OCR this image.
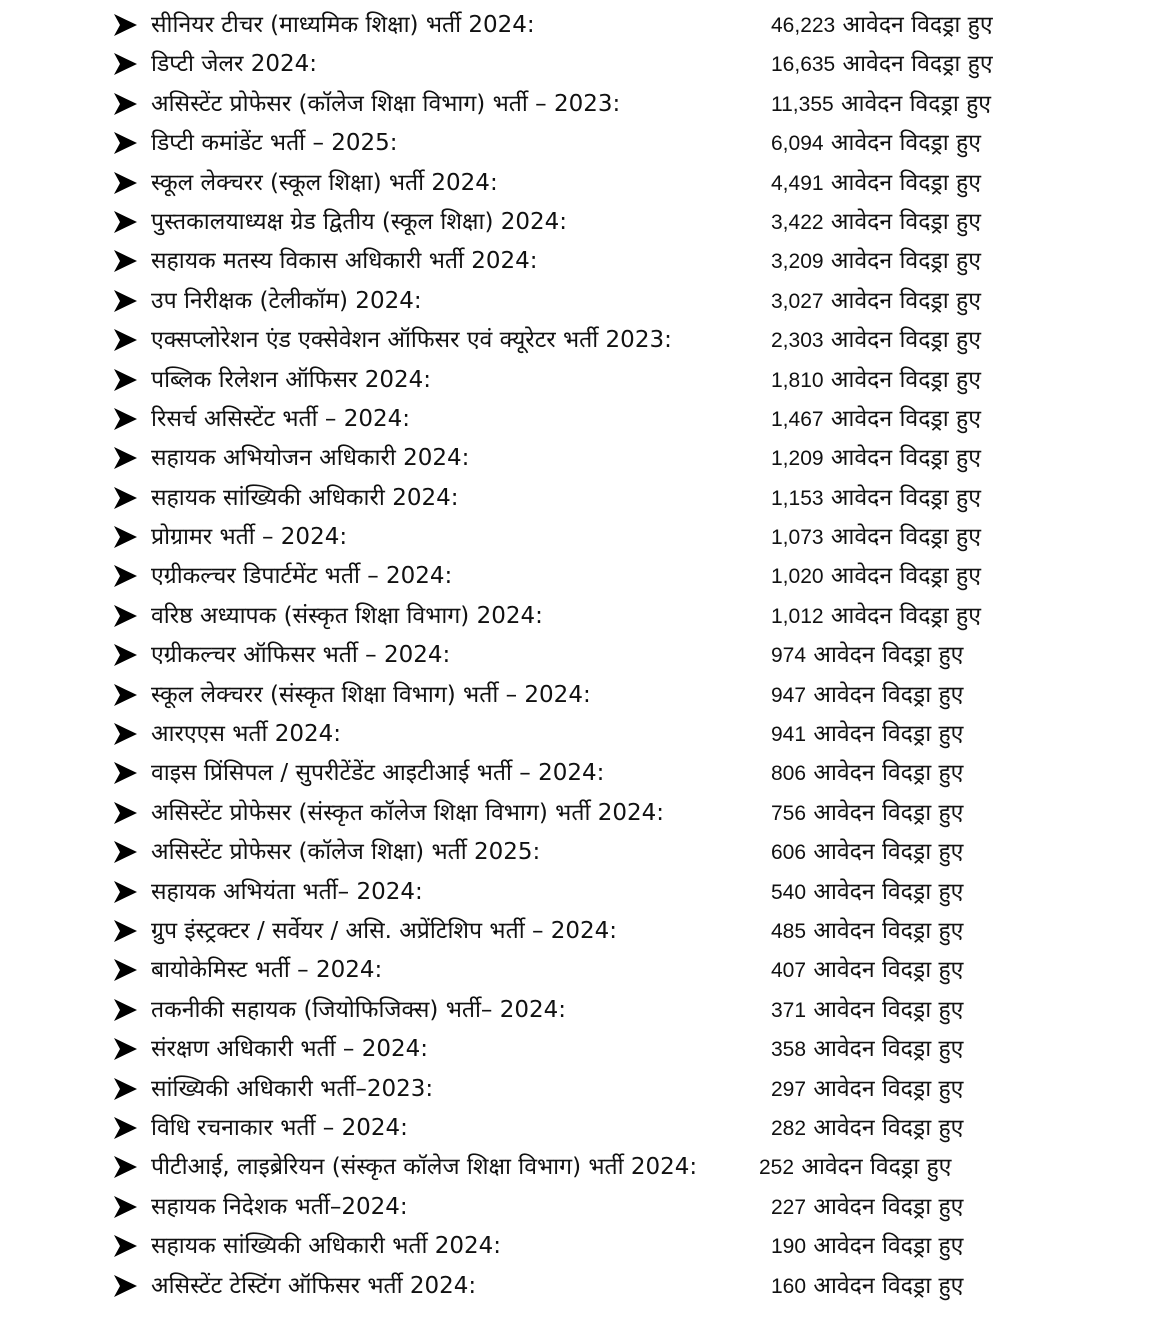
सीनियर टीचर (माध्यमिक शिक्षा) भर्ती 2024:	46,223 आवेदन विदड्रा हुए
डिप्टी जेलर 2024:	16,635 आवेदन विदड्रा हुए
असिस्टेंट प्रोफेसर (कॉलेज शिक्षा विभाग) भर्ती – 2023:	11,355 आवेदन विदड्रा हुए
डिप्टी कमांडेंट भर्ती – 2025:	6,094 आवेदन विदड्रा हुए
स्कूल लेक्चरर (स्कूल शिक्षा) भर्ती 2024:	4,491 आवेदन विदड्रा हुए
पुस्तकालयाध्यक्ष ग्रेड द्वितीय (स्कूल शिक्षा) 2024:	3,422 आवेदन विदड्रा हुए
सहायक मतस्य विकास अधिकारी भर्ती 2024:	3,209 आवेदन विदड्रा हुए
उप निरीक्षक (टेलीकॉम) 2024:	3,027 आवेदन विदड्रा हुए
एक्सप्लोरेशन एंड एक्सेवेशन ऑफिसर एवं क्यूरेटर भर्ती 2023:	2,303 आवेदन विदड्रा हुए
पब्लिक रिलेशन ऑफिसर 2024:	1,810 आवेदन विदड्रा हुए
रिसर्च असिस्टेंट भर्ती – 2024:	1,467 आवेदन विदड्रा हुए
सहायक अभियोजन अधिकारी 2024:	1,209 आवेदन विदड्रा हुए
सहायक सांख्यिकी अधिकारी 2024:	1,153 आवेदन विदड्रा हुए
प्रोग्रामर भर्ती – 2024:	1,073 आवेदन विदड्रा हुए
एग्रीकल्चर डिपार्टमेंट भर्ती – 2024:	1,020 आवेदन विदड्रा हुए
वरिष्ठ अध्यापक (संस्कृत शिक्षा विभाग) 2024:	1,012 आवेदन विदड्रा हुए
एग्रीकल्चर ऑफिसर भर्ती – 2024:	974 आवेदन विदड्रा हुए
स्कूल लेक्चरर (संस्कृत शिक्षा विभाग) भर्ती – 2024:	947 आवेदन विदड्रा हुए
आरएएस भर्ती 2024:	941 आवेदन विदड्रा हुए
वाइस प्रिंसिपल / सुपरीटेंडेंट आइटीआई भर्ती – 2024:	806 आवेदन विदड्रा हुए
असिस्टेंट प्रोफेसर (संस्कृत कॉलेज शिक्षा विभाग) भर्ती 2024:	756 आवेदन विदड्रा हुए
असिस्टेंट प्रोफेसर (कॉलेज शिक्षा) भर्ती 2025:	606 आवेदन विदड्रा हुए
सहायक अभियंता भर्ती– 2024:	540 आवेदन विदड्रा हुए
ग्रुप इंस्ट्रक्टर / सर्वेयर / असि. अप्रेंटिशिप भर्ती – 2024:	485 आवेदन विदड्रा हुए
बायोकेमिस्ट भर्ती – 2024:	407 आवेदन विदड्रा हुए
तकनीकी सहायक (जियोफिजिक्स) भर्ती– 2024:	371 आवेदन विदड्रा हुए
संरक्षण अधिकारी भर्ती – 2024:	358 आवेदन विदड्रा हुए
सांख्यिकी अधिकारी भर्ती–2023:	297 आवेदन विदड्रा हुए
विधि रचनाकार भर्ती – 2024:	282 आवेदन विदड्रा हुए
पीटीआई, लाइब्रेरियन (संस्कृत कॉलेज शिक्षा विभाग) भर्ती 2024:	252 आवेदन विदड्रा हुए
सहायक निदेशक भर्ती–2024:	227 आवेदन विदड्रा हुए
सहायक सांख्यिकी अधिकारी भर्ती 2024:	190 आवेदन विदड्रा हुए
असिस्टेंट टेस्टिंग ऑफिसर भर्ती 2024:	160 आवेदन विदड्रा हुए
